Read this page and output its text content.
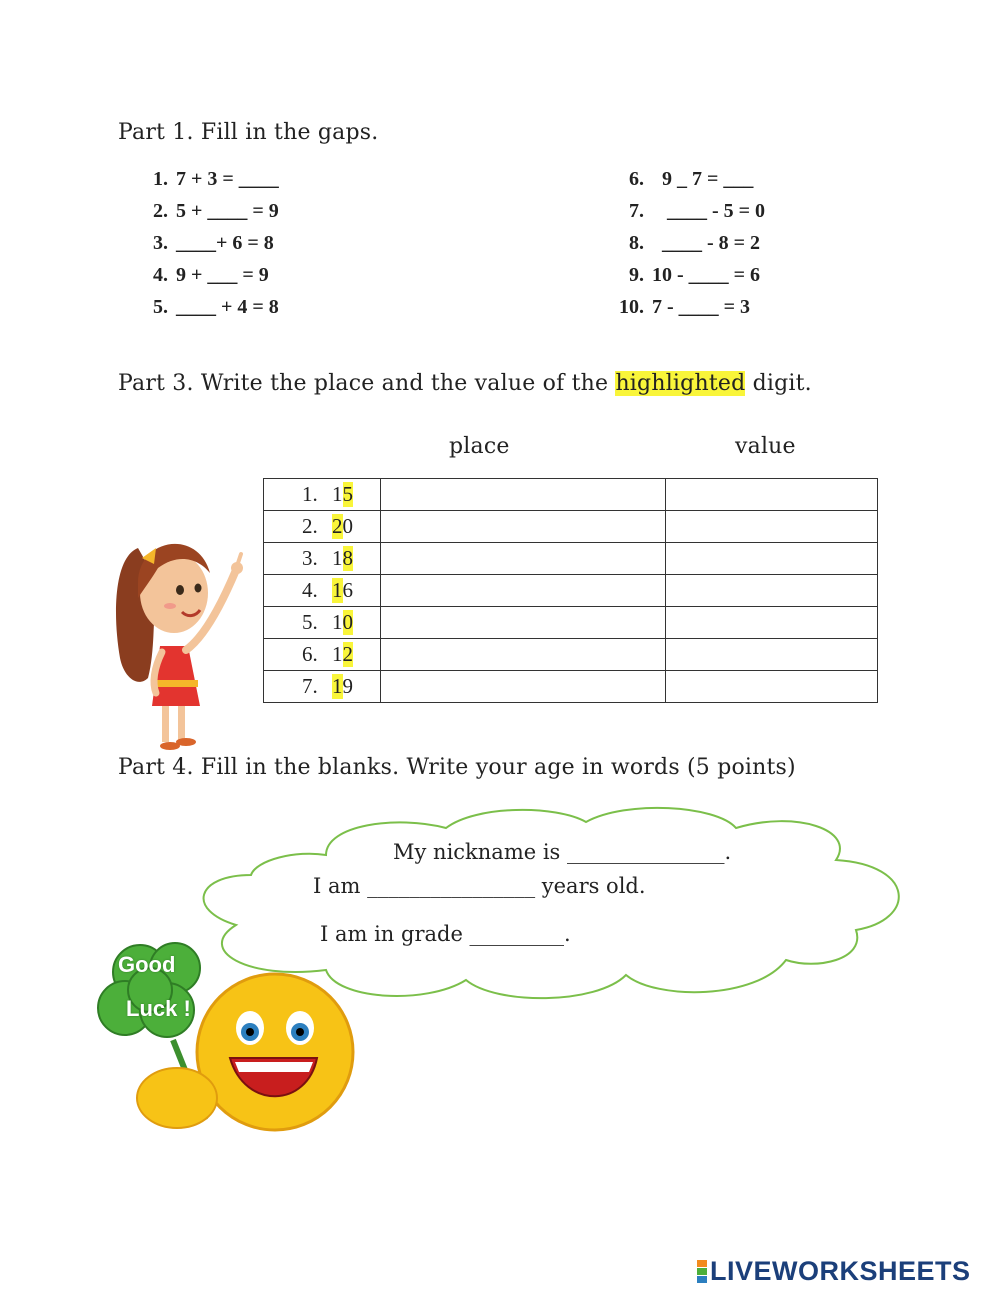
Part 1. Fill in the gaps.
1. 7 + 3 = ____
2. 5 + ____ = 9
3. ____+ 6 = 8
4. 9 + ___ = 9
5. ____ + 4 = 8
6.  9 _ 7 = ___
7.   ____ - 5 = 0
8.  ____ - 8 = 2
9. 10 - ____ = 6
10. 7 - ____ = 3
Part 3. Write the place and the value of the highlighted digit.
place	value
1. 15		
2. 20		
3. 18		
4. 16		
5. 10		
6. 12		
7. 19		
Part 4. Fill in the blanks. Write your age in words (5 points)
My nickname is _______________.
I am ________________ years old.
I am in grade _________.
Good
Luck !
LIVEWORKSHEETS
